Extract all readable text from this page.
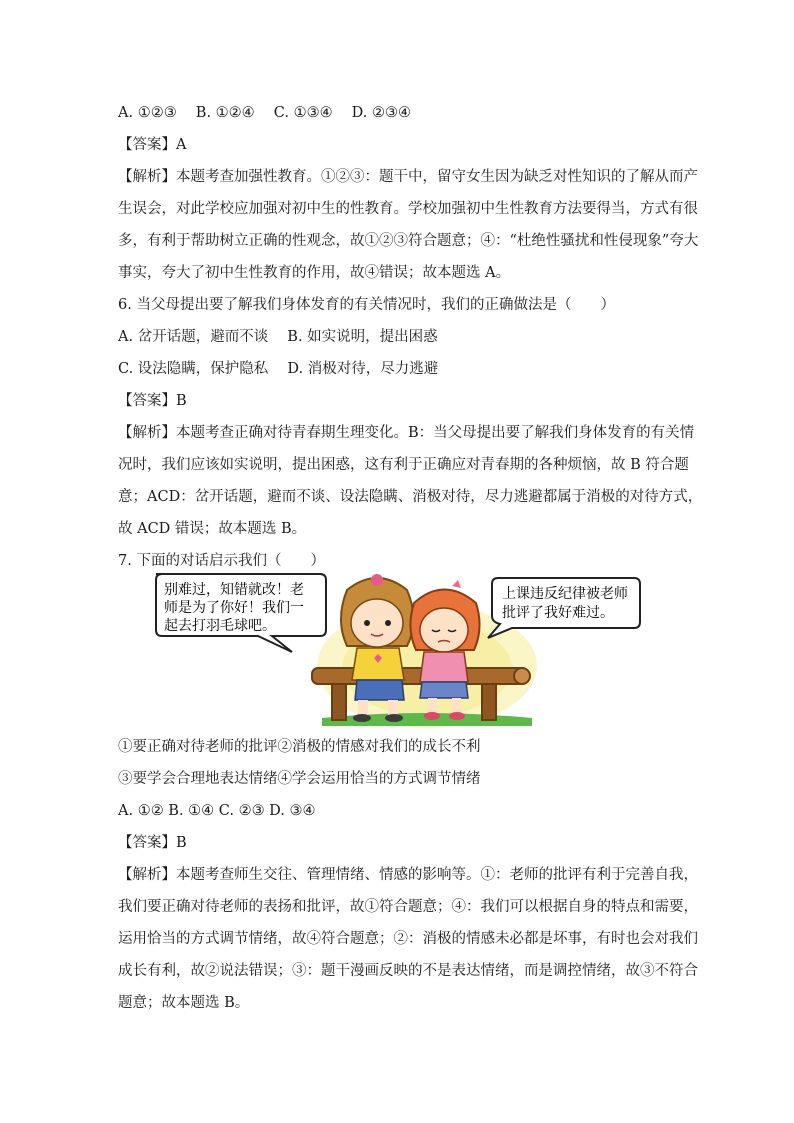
A. ①②③　 B. ①②④　 C. ①③④　 D. ②③④
【答案】A
【解析】本题考查加强性教育。①②③：题干中，留守女生因为缺乏对性知识的了解从而产
生误会，对此学校应加强对初中生的性教育。学校加强初中生性教育方法要得当，方式有很
多，有利于帮助树立正确的性观念，故①②③符合题意；④：“杜绝性骚扰和性侵现象”夸大
事实，夸大了初中生性教育的作用，故④错误；故本题选 A。
6. 当父母提出要了解我们身体发育的有关情况时，我们的正确做法是（　　）
A. 岔开话题，避而不谈　 B. 如实说明，提出困惑
C. 设法隐瞒，保护隐私　 D. 消极对待，尽力逃避
【答案】B
【解析】本题考查正确对待青春期生理变化。B：当父母提出要了解我们身体发育的有关情
况时，我们应该如实说明，提出困惑，这有利于正确应对青春期的各种烦恼，故 B 符合题
意；ACD：岔开话题，避而不谈、设法隐瞒、消极对待，尽力逃避都属于消极的对待方式，
故 ACD 错误；故本题选 B。
7. 下面的对话启示我们（　　）
别难过，知错就改！老
师是为了你好！我们一
起去打羽毛球吧。
上课违反纪律被老师
批评了我好难过。
①要正确对待老师的批评②消极的情感对我们的成长不利
③要学会合理地表达情绪④学会运用恰当的方式调节情绪
A. ①② B. ①④ C. ②③ D. ③④
【答案】B
【解析】本题考查师生交往、管理情绪、情感的影响等。①：老师的批评有利于完善自我，
我们要正确对待老师的表扬和批评，故①符合题意；④：我们可以根据自身的特点和需要，
运用恰当的方式调节情绪，故④符合题意；②：消极的情感未必都是坏事，有时也会对我们
成长有利，故②说法错误；③：题干漫画反映的不是表达情绪，而是调控情绪，故③不符合
题意；故本题选 B。
